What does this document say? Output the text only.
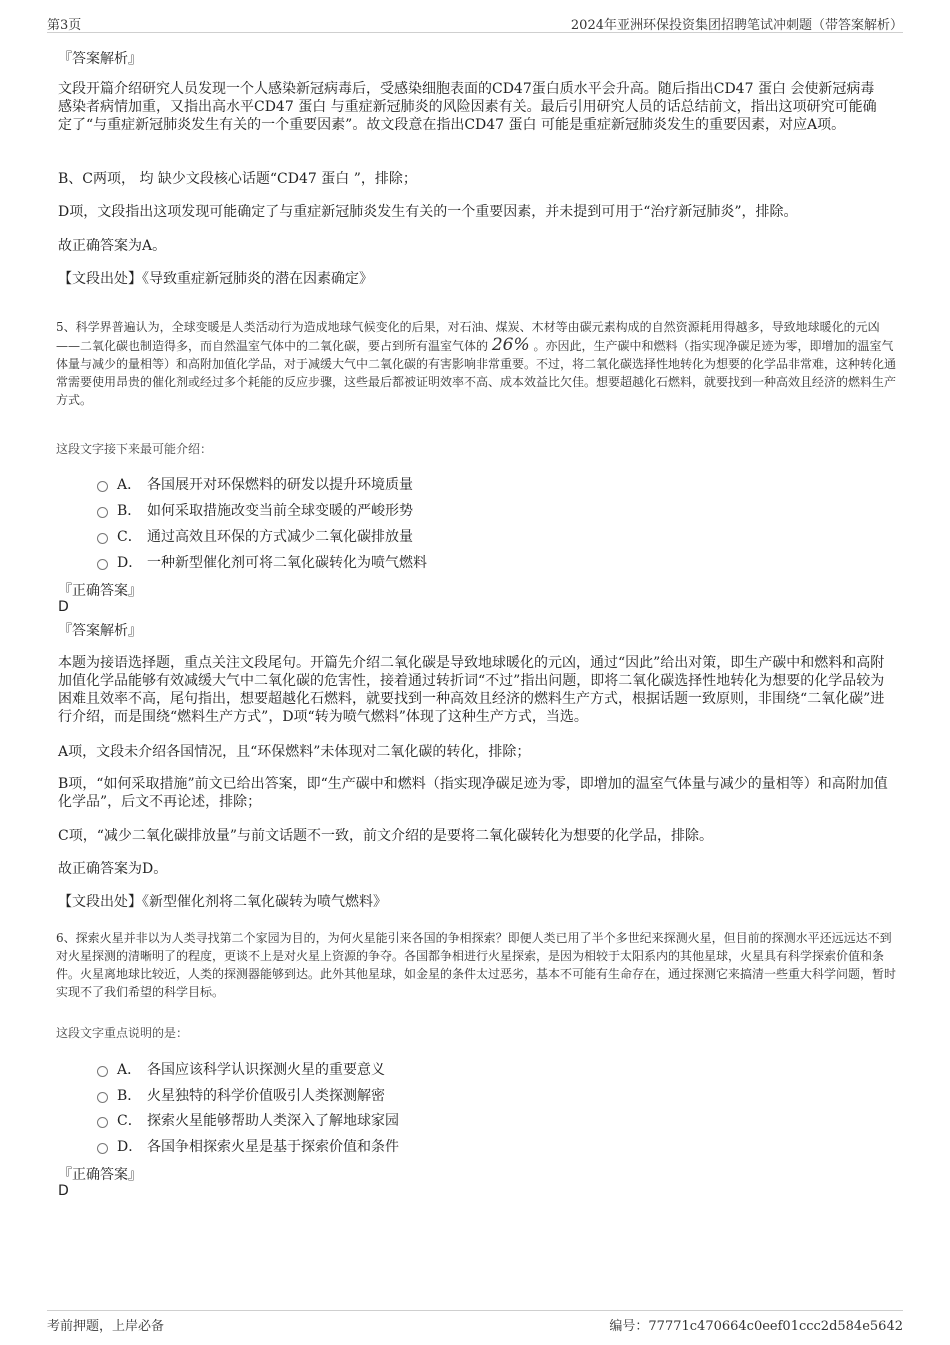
第3页	2024年亚洲环保投资集团招聘笔试冲刺题（带答案解析）
『答案解析』

文段开篇介绍研究人员发现一个人感染新冠病毒后，受感染细胞表面的CD47蛋白质水平会升高。随后指出CD47 蛋白 会使新冠病毒感染者病情加重，又指出高水平CD47 蛋白 与重症新冠肺炎的风险因素有关。最后引用研究人员的话总结前文，指出这项研究可能确定了“与重症新冠肺炎发生有关的一个重要因素”。故文段意在指出CD47 蛋白 可能是重症新冠肺炎发生的重要因素，对应A项。

B、C两项， 均 缺少文段核心话题“CD47 蛋白 ”，排除；

D项，文段指出这项发现可能确定了与重症新冠肺炎发生有关的一个重要因素，并未提到可用于“治疗新冠肺炎”，排除。

故正确答案为A。

【文段出处】《导致重症新冠肺炎的潜在因素确定》

5、科学界普遍认为，全球变暖是人类活动行为造成地球气候变化的后果，对石油、煤炭、木材等由碳元素构成的自然资源耗用得越多，导致地球暖化的元凶——二氧化碳也制造得多，而自然温室气体中的二氧化碳，要占到所有温室气体的 26% 。亦因此，生产碳中和燃料（指实现净碳足迹为零，即增加的温室气体量与减少的量相等）和高附加值化学品，对于减缓大气中二氧化碳的有害影响非常重要。不过，将二氧化碳选择性地转化为想要的化学品非常难，这种转化通常需要使用昂贵的催化剂或经过多个耗能的反应步骤，这些最后都被证明效率不高、成本效益比欠佳。想要超越化石燃料，就要找到一种高效且经济的燃料生产方式。
这段文字接下来最可能介绍：
A． 各国展开对环保燃料的研发以提升环境质量
B． 如何采取措施改变当前全球变暖的严峻形势
C． 通过高效且环保的方式减少二氧化碳排放量
D． 一种新型催化剂可将二氧化碳转化为喷气燃料
『正确答案』
D
『答案解析』

本题为接语选择题，重点关注文段尾句。开篇先介绍二氧化碳是导致地球暖化的元凶，通过“因此”给出对策，即生产碳中和燃料和高附加值化学品能够有效减缓大气中二氧化碳的危害性，接着通过转折词“不过”指出问题，即将二氧化碳选择性地转化为想要的化学品较为困难且效率不高，尾句指出，想要超越化石燃料，就要找到一种高效且经济的燃料生产方式，根据话题一致原则，非围绕“二氧化碳”进行介绍，而是围绕“燃料生产方式”，D项“转为喷气燃料”体现了这种生产方式，当选。

A项，文段未介绍各国情况，且“环保燃料”未体现对二氧化碳的转化，排除；

B项，“如何采取措施”前文已给出答案，即“生产碳中和燃料（指实现净碳足迹为零，即增加的温室气体量与减少的量相等）和高附加值化学品”，后文不再论述，排除；

C项，“减少二氧化碳排放量”与前文话题不一致，前文介绍的是要将二氧化碳转化为想要的化学品，排除。

故正确答案为D。

【文段出处】《新型催化剂将二氧化碳转为喷气燃料》

6、探索火星并非以为人类寻找第二个家园为目的，为何火星能引来各国的争相探索？即便人类已用了半个多世纪来探测火星，但目前的探测水平还远远达不到对火星探测的清晰明了的程度，更谈不上是对火星上资源的争夺。各国都争相进行火星探索，是因为相较于太阳系内的其他星球，火星具有科学探索价值和条件。火星离地球比较近，人类的探测器能够到达。此外其他星球，如金星的条件太过恶劣，基本不可能有生命存在，通过探测它来搞清一些重大科学问题，暂时实现不了我们希望的科学目标。
这段文字重点说明的是：
A． 各国应该科学认识探测火星的重要意义
B． 火星独特的科学价值吸引人类探测解密
C． 探索火星能够帮助人类深入了解地球家园
D． 各国争相探索火星是基于探索价值和条件
『正确答案』
D
考前押题，上岸必备	编号：77771c470664c0eef01ccc2d584e5642
